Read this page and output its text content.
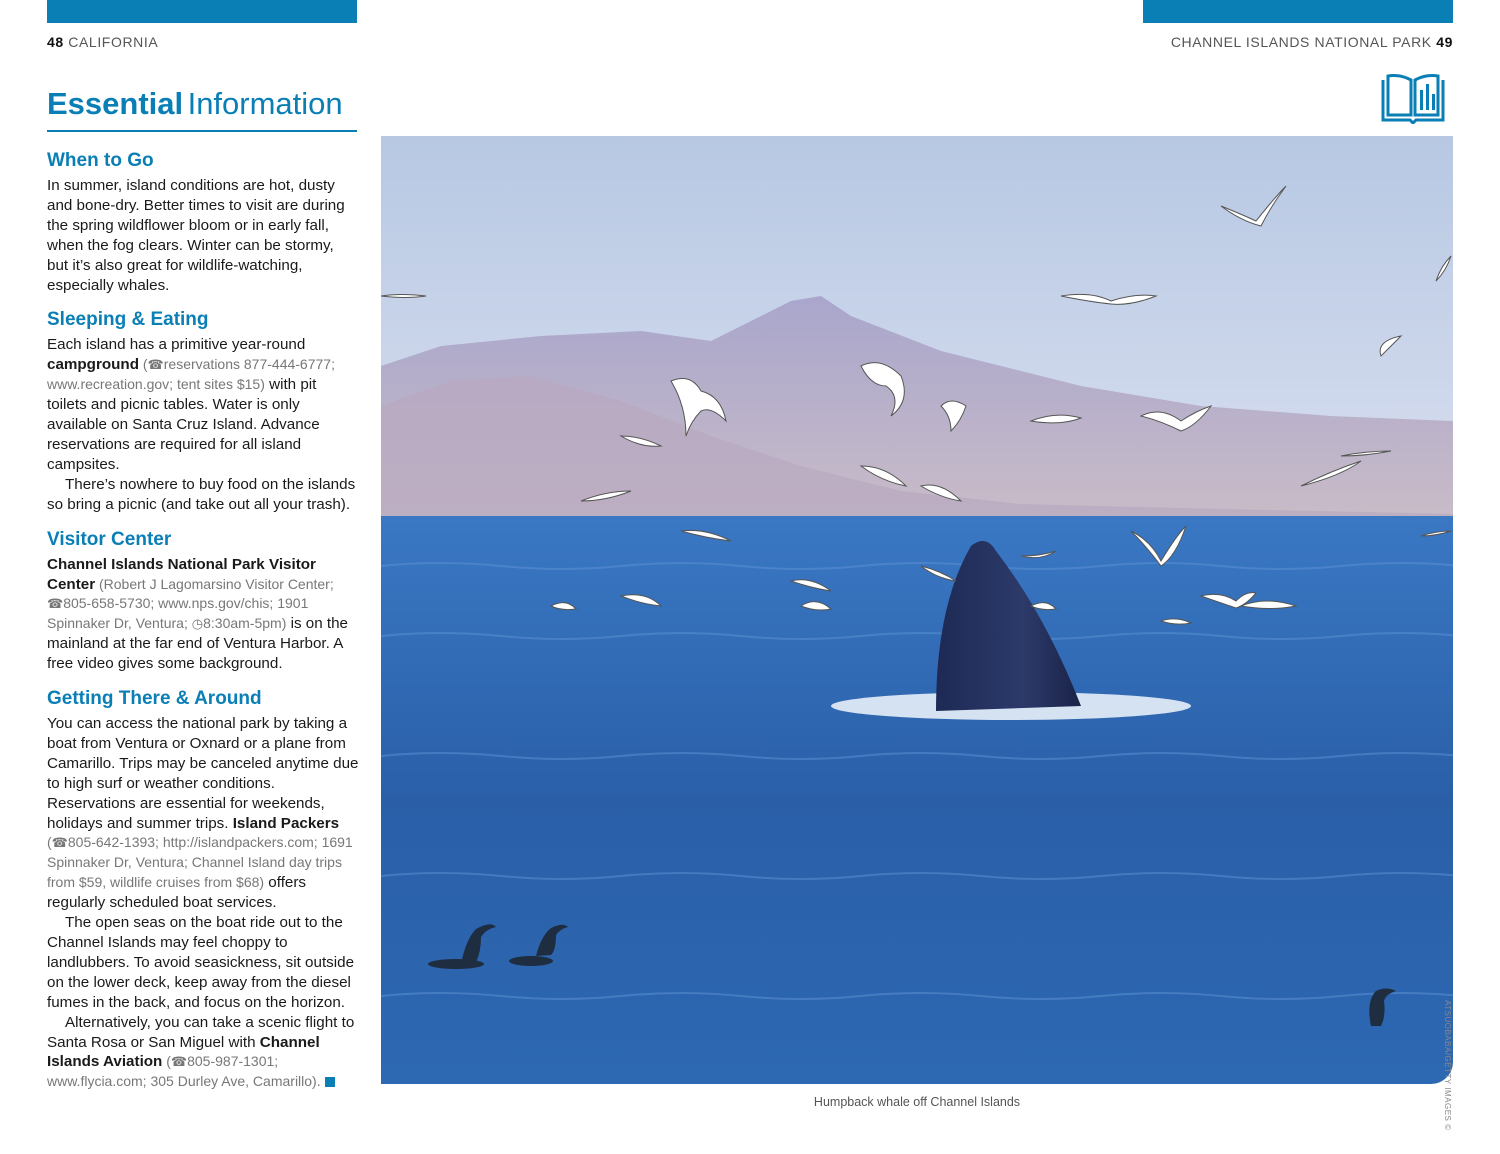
48 CALIFORNIA	CHANNEL ISLANDS NATIONAL PARK 49
Essential Information
When to Go

In summer, island conditions are hot, dusty and bone-dry. Better times to visit are during the spring wildflower bloom or in early fall, when the fog clears. Winter can be stormy, but it’s also great for wildlife-watching, especially whales.

Sleeping & Eating

Each island has a primitive year-round campground (☎reservations 877-444-6777; www.recreation.gov; tent sites $15) with pit toilets and picnic tables. Water is only available on Santa Cruz Island. Advance reservations are required for all island campsites.

There’s nowhere to buy food on the islands so bring a picnic (and take out all your trash).

Visitor Center

Channel Islands National Park Visitor Center (Robert J Lagomarsino Visitor Center; ☎805-658-5730; www.nps.gov/chis; 1901 Spinnaker Dr, Ventura; ◷8:30am-5pm) is on the mainland at the far end of Ventura Harbor. A free video gives some background.

Getting There & Around

You can access the national park by taking a boat from Ventura or Oxnard or a plane from Camarillo. Trips may be canceled anytime due to high surf or weather conditions. Reservations are essential for weekends, holidays and summer trips. Island Packers (☎805-642-1393; http://islandpackers.com; 1691 Spinnaker Dr, Ventura; Channel Island day trips from $59, wildlife cruises from $68) offers regularly scheduled boat services.

The open seas on the boat ride out to the Channel Islands may feel choppy to landlubbers. To avoid seasickness, sit outside on the lower deck, keep away from the diesel fumes in the back, and focus on the horizon.

Alternatively, you can take a scenic flight to Santa Rosa or San Miguel with Channel Islands Aviation (☎805-987-1301; www.flycia.com; 305 Durley Ave, Camarillo).

Humpback whale off Channel Islands	ATSUOBABA/GETTY IMAGES ©
